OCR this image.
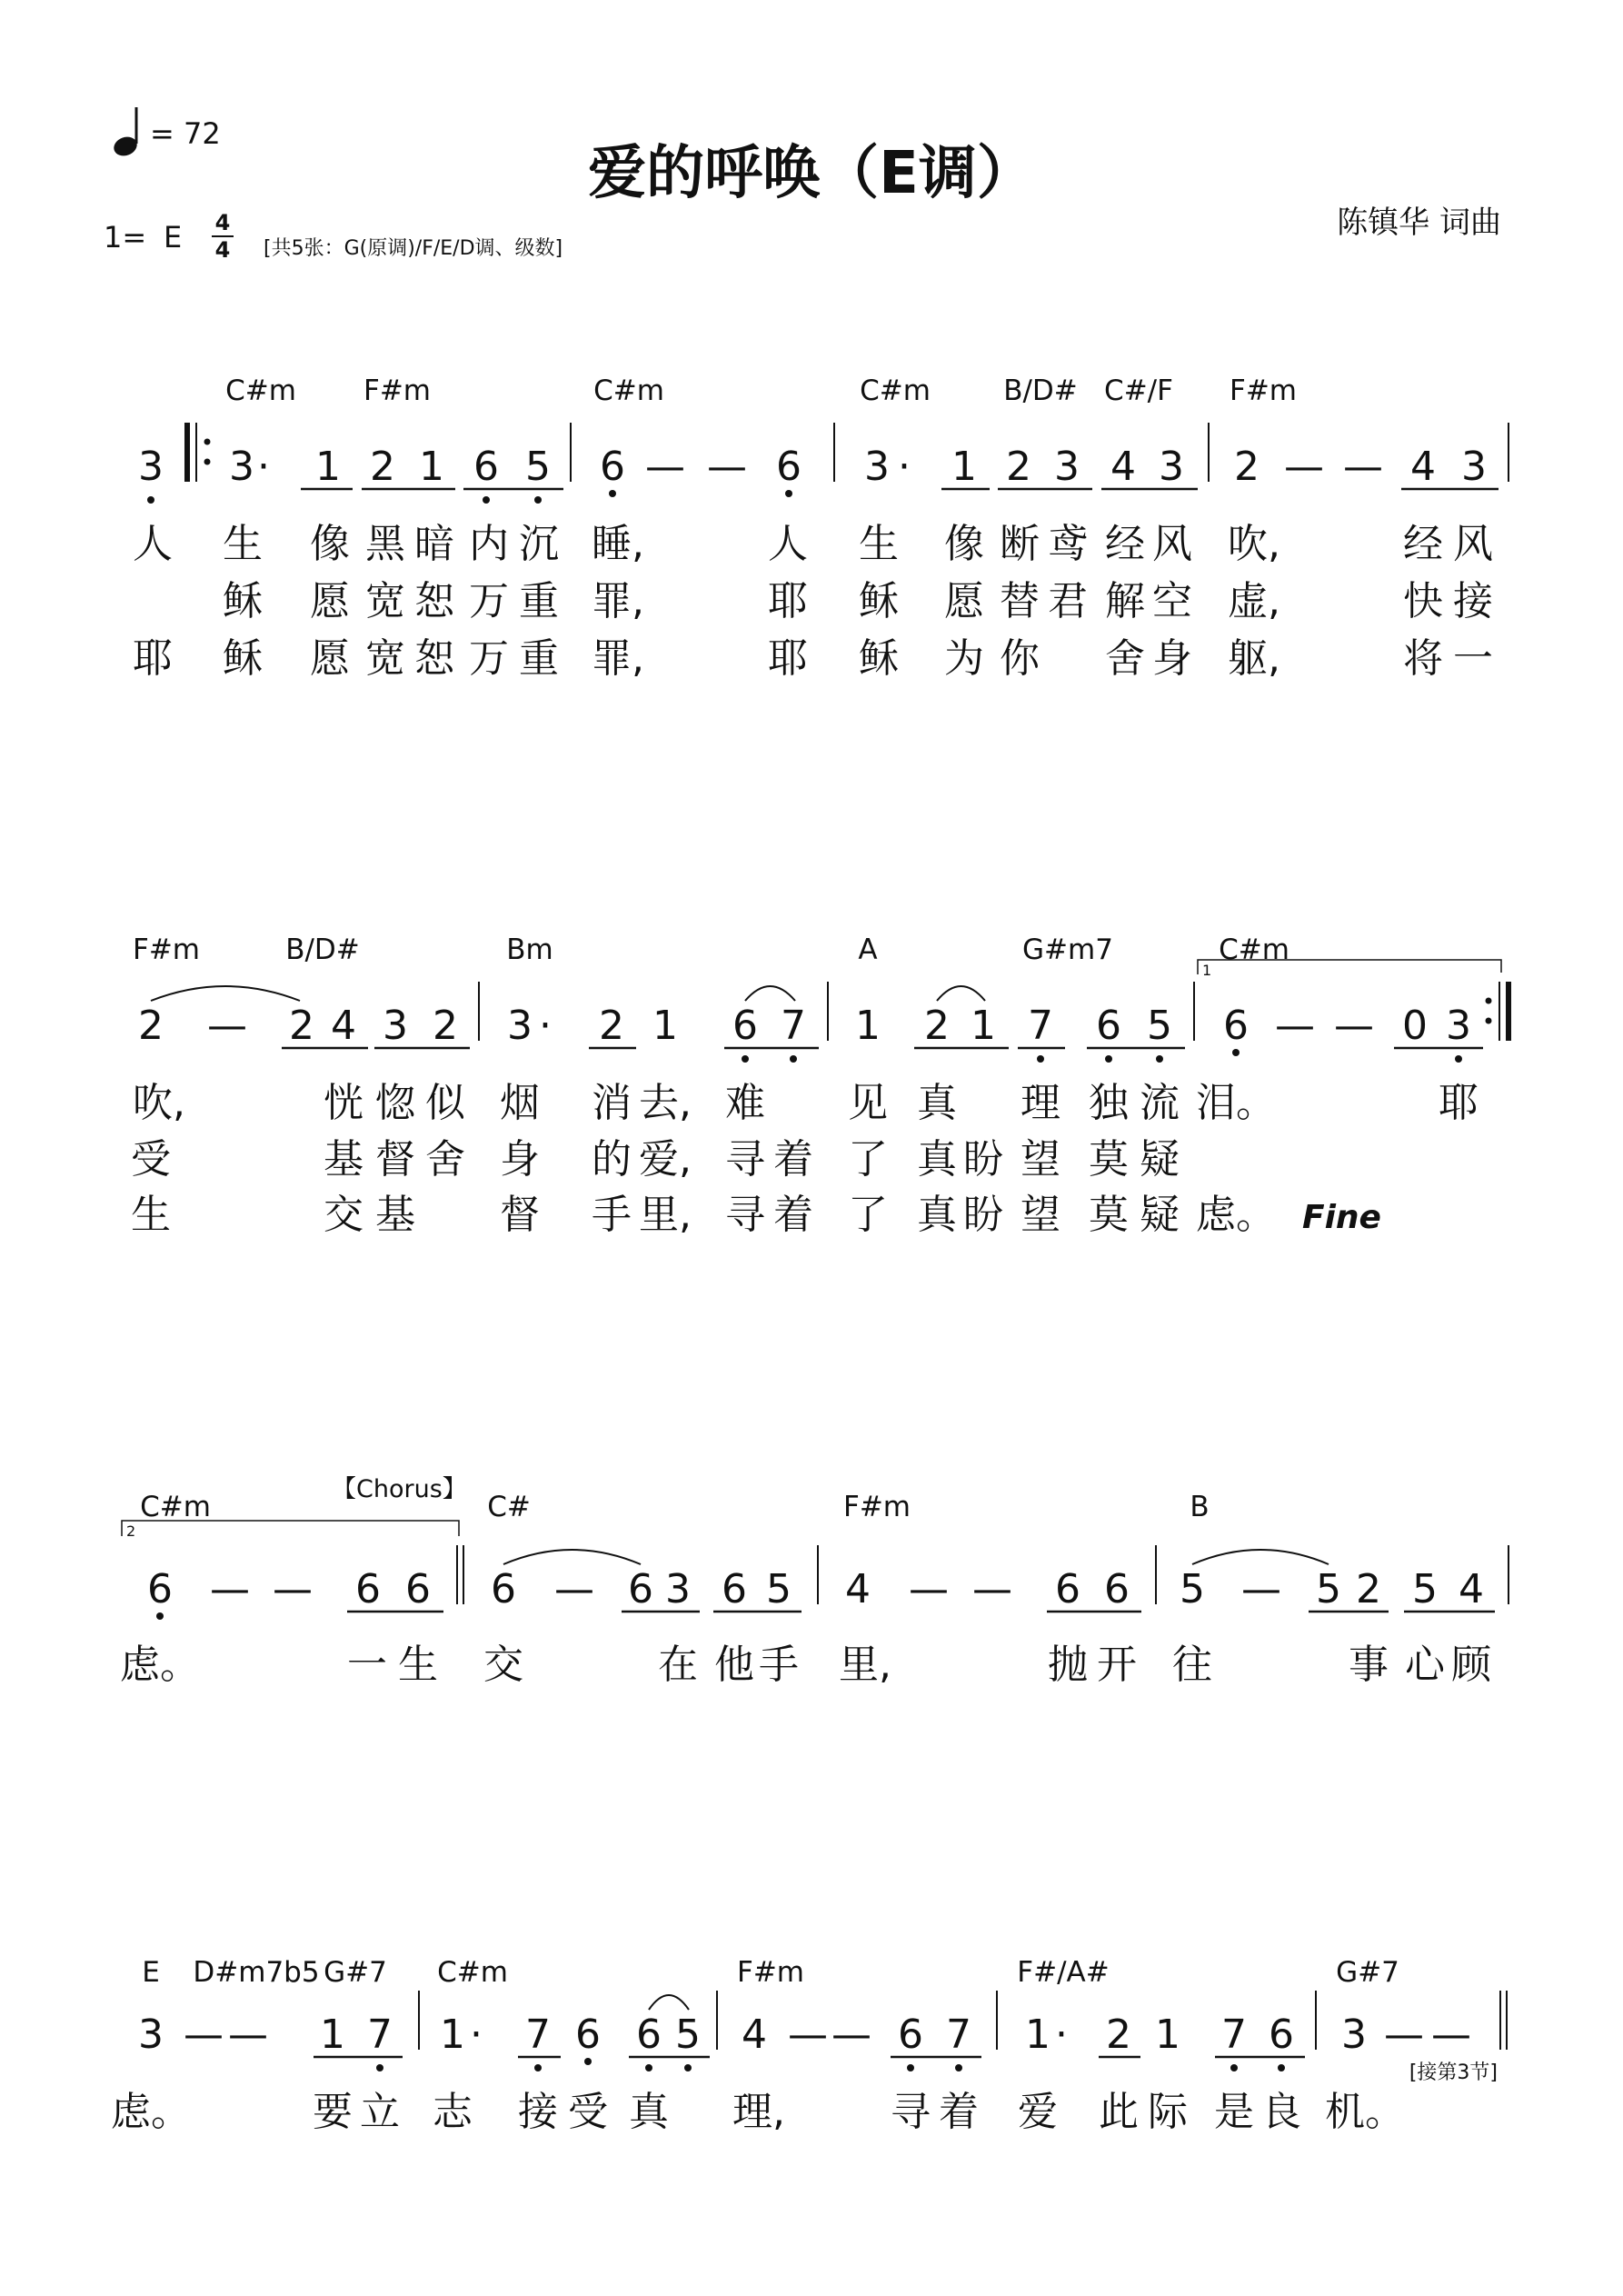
= 72
爱的呼唤（E调）
陈镇华 词曲
1= E 4
4 [共5张：G(原调)/F/E/D调、级数]
C#m F#m	C#m	C#m	B/D# C#/F F#m
3 3 · 1 2 1 6 5 6 — — 6 3 · 1 2 3 4 3 2 — — 4 3
人 生 像 黑 暗 内 沉 睡,	人 生 像 断 鸢 经 风 吹,	经 风
稣 愿 宽 恕 万 重 罪,	耶 稣 愿 替 君 解 空 虚,	快 接
耶 稣 愿 宽 恕 万 重 罪,	耶 稣 为 你 舍 身 躯,	将 一
F#m	B/D#	Bm	A	G#m7	C#m
2 — 2 4 3 2 3 · 2 1 6 7 1 2 1 7 6 5 6 — — 0 3
吹,	恍 惚 似 烟 消 去, 难 见 真 理 独 流 泪。	耶
受	基 督 舍 身 的 爱, 寻 着 了 真 盼 望 莫 疑
生	交 基 督 手 里, 寻 着 了 真 盼 望 莫 疑 虑。
1
Fine
C#m	C#	F#m	B
6 — — 6 6 6 — 6 3 6 5 4 — — 6 6 5 — 5 2 5 4
虑。	一 生 交	在 他 手 里,	抛 开 往	事 心 顾
2
【Chorus】
E D#m7b5 G#7 C#m	F#m	F#/A#	G#7
3 — — 1 7 1 · 7 6 6 5 4 — — 6 7 1 · 2 1 7 6 3 — —
虑。	要 立 志 接 受 真 理,	寻 着 爱 此 际 是 良 机。
[接第3节]
